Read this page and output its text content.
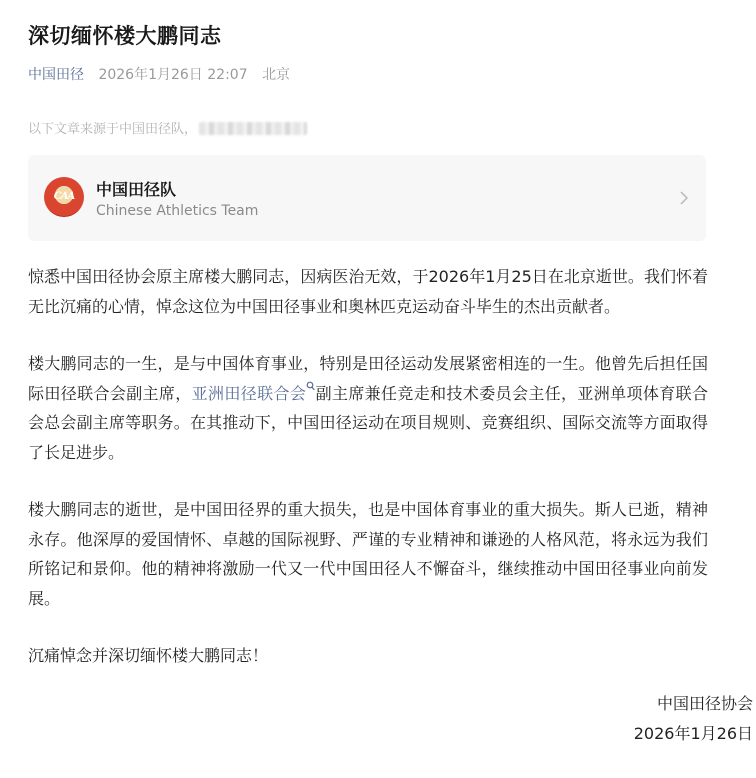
深切缅怀楼大鹏同志
中国田径 2026年1月26日 22:07 北京
以下文章来源于中国田径队，
CAA 中国田径队
Chinese Athletics Team

惊悉中国田径协会原主席楼大鹏同志，因病医治无效，于2026年1月25日在北京逝世。我们怀着无比沉痛的心情，悼念这位为中国田径事业和奥林匹克运动奋斗毕生的杰出贡献者。

楼大鹏同志的一生，是与中国体育事业，特别是田径运动发展紧密相连的一生。他曾先后担任国际田径联合会副主席，亚洲田径联合会 副主席兼任竞走和技术委员会主任，亚洲单项体育联合会总会副主席等职务。在其推动下，中国田径运动在项目规则、竞赛组织、国际交流等方面取得了长足进步。

楼大鹏同志的逝世，是中国田径界的重大损失，也是中国体育事业的重大损失。斯人已逝，精神永存。他深厚的爱国情怀、卓越的国际视野、严谨的专业精神和谦逊的人格风范，将永远为我们所铭记和景仰。他的精神将激励一代又一代中国田径人不懈奋斗，继续推动中国田径事业向前发展。

沉痛悼念并深切缅怀楼大鹏同志！

中国田径协会
2026年1月26日
